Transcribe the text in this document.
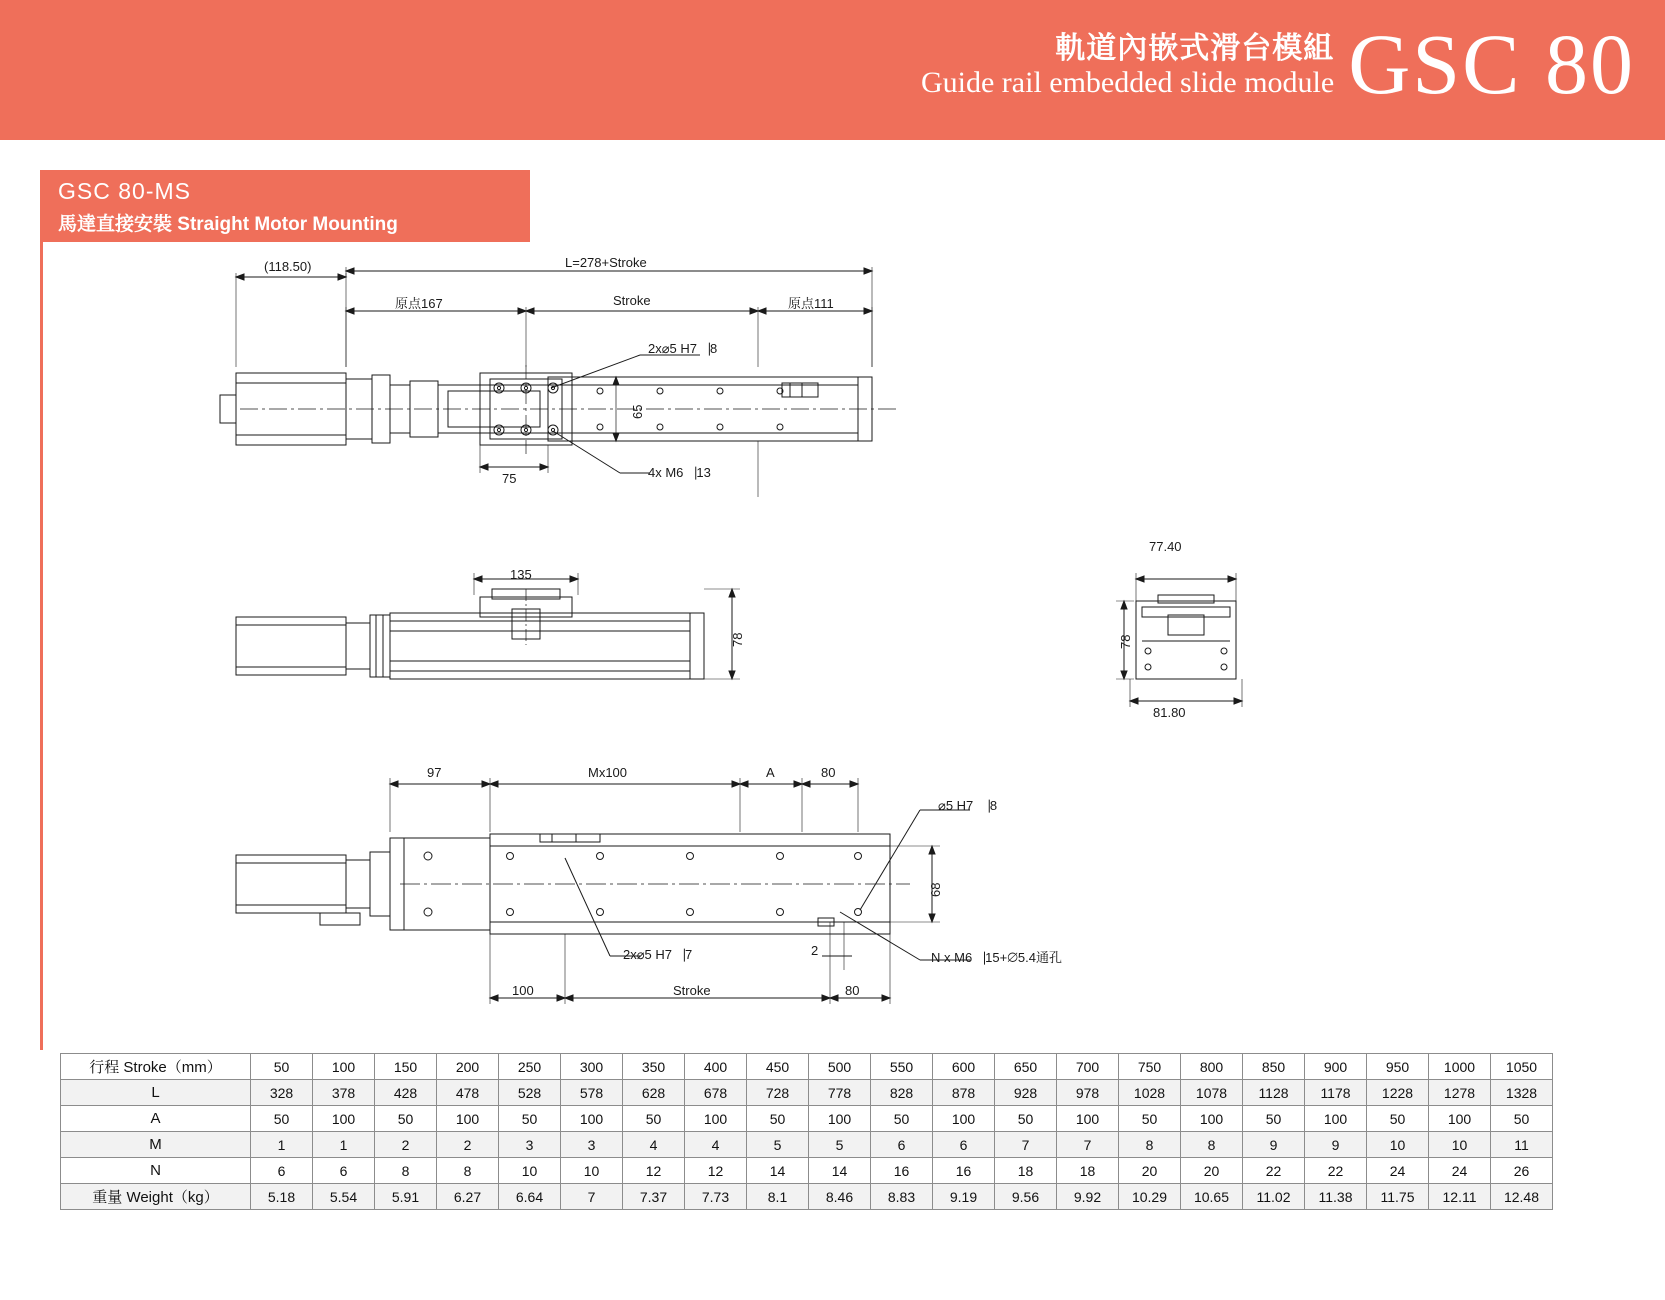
軌道內嵌式滑台模組
Guide rail embedded slide module GSC 80
GSC 80-MS
馬達直接安裝 Straight Motor Mounting
(118.50)	L=278+Stroke
原点167	Stroke	原点111
2x⌀5 H7⎹8
65
75	4x M6⎹13
135
78
77.40
78
81.80
97	Mx100	A	80
⌀5 H7 ⎹8
68
2x⌀5 H7⎹7	2	N x M6⎹15+⌀5.4通孔
100	Stroke	80
行程 Stroke（mm）	50	100	150	200	250	300	350	400	450	500	550	600	650	700	750	800	850	900	950	1000	1050
L	328	378	428	478	528	578	628	678	728	778	828	878	928	978	1028	1078	1128	1178	1228	1278	1328
A	50	100	50	100	50	100	50	100	50	100	50	100	50	100	50	100	50	100	50	100	50
M	1	1	2	2	3	3	4	4	5	5	6	6	7	7	8	8	9	9	10	10	11
N	6	6	8	8	10	10	12	12	14	14	16	16	18	18	20	20	22	22	24	24	26
重量 Weight（kg）	5.18	5.54	5.91	6.27	6.64	7	7.37	7.73	8.1	8.46	8.83	9.19	9.56	9.92	10.29	10.65	11.02	11.38	11.75	12.11	12.48
